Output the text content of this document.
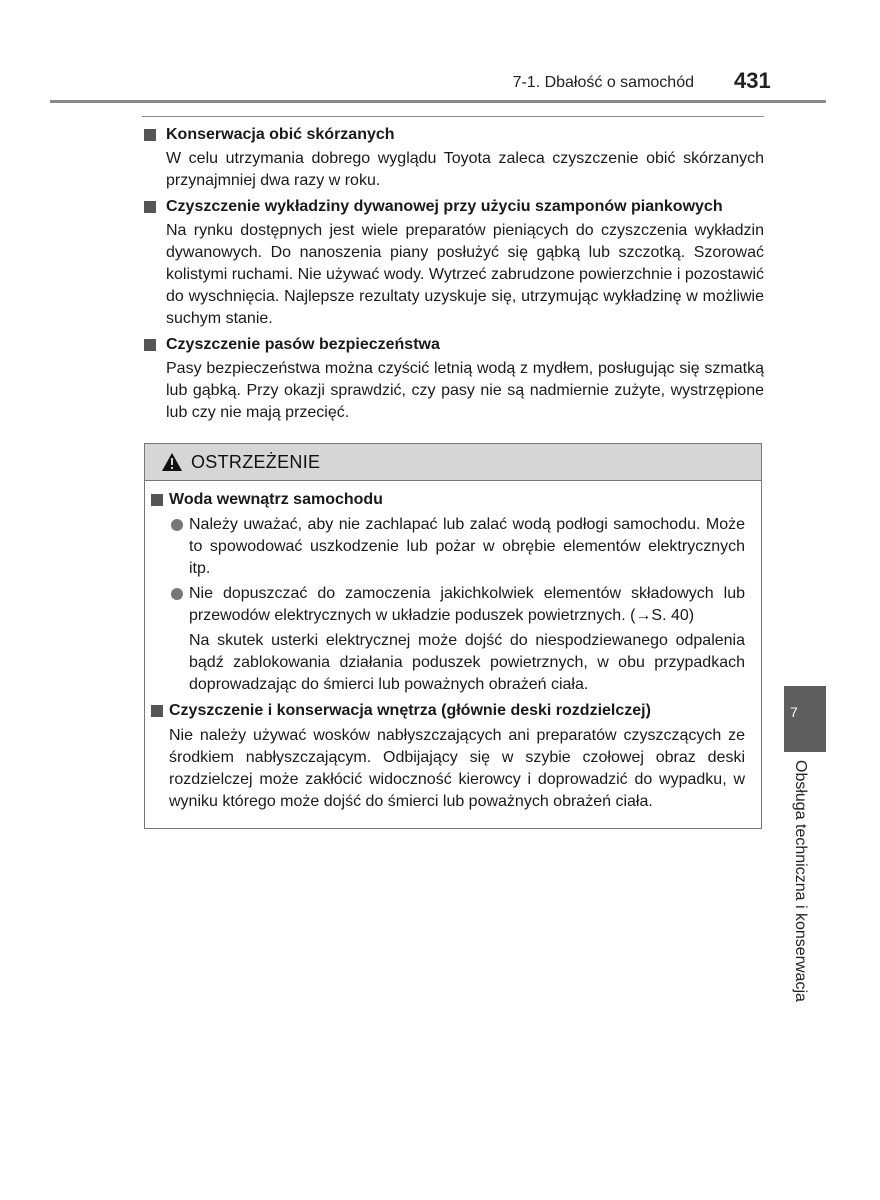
7-1. Dbałość o samochód 431
Konserwacja obić skórzanych
W celu utrzymania dobrego wyglądu Toyota zaleca czyszczenie obić skórzanych przynajmniej dwa razy w roku.
Czyszczenie wykładziny dywanowej przy użyciu szamponów piankowych
Na rynku dostępnych jest wiele preparatów pieniących do czyszczenia wykładzin dywanowych. Do nanoszenia piany posłużyć się gąbką lub szczotką. Szorować kolistymi ruchami. Nie używać wody. Wytrzeć zabrudzone powierzchnie i pozostawić do wyschnięcia. Najlepsze rezultaty uzyskuje się, utrzymując wykładzinę w możliwie suchym stanie.
Czyszczenie pasów bezpieczeństwa
Pasy bezpieczeństwa można czyścić letnią wodą z mydłem, posługując się szmatką lub gąbką. Przy okazji sprawdzić, czy pasy nie są nadmiernie zużyte, wystrzępione lub czy nie mają przecięć.
OSTRZEŻENIE
Woda wewnątrz samochodu
Należy uważać, aby nie zachlapać lub zalać wodą podłogi samochodu. Może to spowodować uszkodzenie lub pożar w obrębie elementów elektrycznych itp.
Nie dopuszczać do zamoczenia jakichkolwiek elementów składowych lub przewodów elektrycznych w układzie poduszek powietrznych. (→S. 40)
Na skutek usterki elektrycznej może dojść do niespodziewanego odpalenia bądź zablokowania działania poduszek powietrznych, w obu przypadkach doprowadzając do śmierci lub poważnych obrażeń ciała.
Czyszczenie i konserwacja wnętrza (głównie deski rozdzielczej)
Nie należy używać wosków nabłyszczających ani preparatów czyszczących ze środkiem nabłyszczającym. Odbijający się w szybie czołowej obraz deski rozdzielczej może zakłócić widoczność kierowcy i doprowadzić do wypadku, w wyniku którego może dojść do śmierci lub poważnych obrażeń ciała.
7
Obsługa techniczna i konserwacja
